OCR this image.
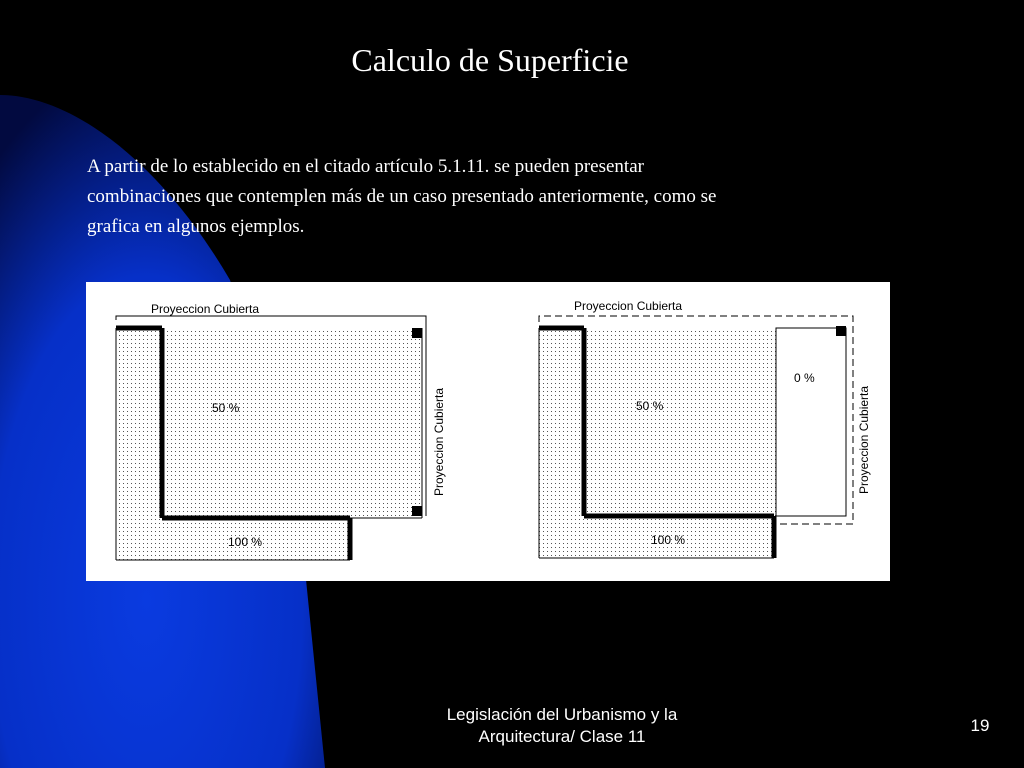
Calculo de Superficie
A partir de lo establecido en el citado artículo 5.1.11. se pueden presentar
combinaciones que contemplen más de un caso presentado anteriormente, como se
grafica en algunos ejemplos.
Proyeccion Cubierta
50 %
100 %
Proyeccion Cubierta
Proyeccion Cubierta
50 %
0 %
100 %
Proyeccion Cubierta
Legislación del Urbanismo y la
Arquitectura/ Clase 11
19
